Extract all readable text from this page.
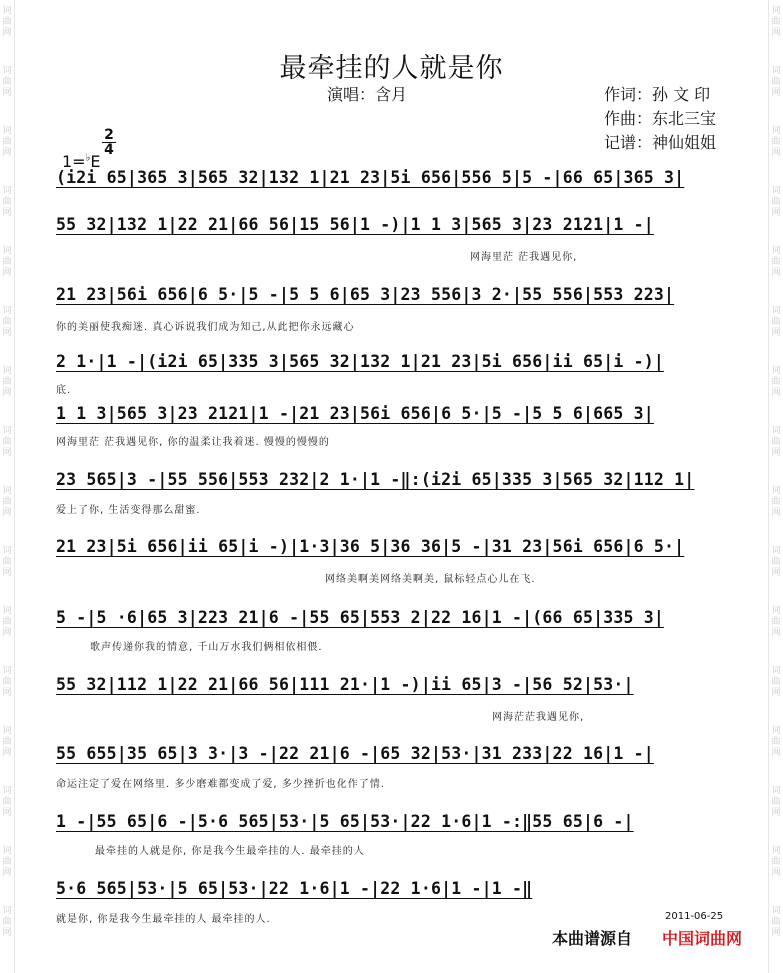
词曲网
词曲网
词曲网
词曲网
词曲网
词曲网
词曲网
词曲网
词曲网
词曲网
词曲网
词曲网
词曲网
词曲网
词曲网
词曲网
词曲网
词曲网
词曲网
词曲网
词曲网
词曲网
词曲网
词曲网
词曲网
词曲网
词曲网
词曲网
词曲网
词曲网
词曲网
词曲网
最牵挂的人就是你
演唱：含月	作词：孙 文 印
作曲：东北三宝
记谱：神仙姐姐
1=♭E
$\frac{2}{4}$
(i2i 65|365 3|565 32|132 1|21 23|5i 656|556 5|5 -|66 65|365 3|
55 32|132 1|22 21|66 56|15 56|1 -)|1 1 3|565 3|23 2121|1 -|
网海里茫 茫我遇见你,
21 23|56i 656|6 5·|5 -|5 5 6|65 3|23 556|3 2·|55 556|553 223|
你的美丽使我痴迷. 真心诉说我们成为知己,从此把你永远藏心
2 1·|1 -|(i2i 65|335 3|565 32|132 1|21 23|5i 656|ii 65|i -)|
底.
1 1 3|565 3|23 2121|1 -|21 23|56i 656|6 5·|5 -|5 5 6|665 3|
网海里茫 茫我遇见你, 你的温柔让我着迷. 慢慢的慢慢的
23 565|3 -|55 556|553 232|2 1·|1 -‖:(i2i 65|335 3|565 32|112 1|
爱上了你, 生活变得那么甜蜜.
21 23|5i 656|ii 65|i -)|1·3|36 5|36 36|5 -|31 23|56i 656|6 5·|
网络美啊美网络美啊美, 鼠标轻点心儿在飞.
5 -|5 ·6|65 3|223 21|6 -|55 65|553 2|22 16|1 -|(66 65|335 3|
歌声传递你我的情意, 千山万水我们俩相依相偎.
55 32|112 1|22 21|66 56|111 21·|1 -)|ii 65|3 -|56 52|53·|
网海茫茫我遇见你,
55 655|35 65|3 3·|3 -|22 21|6 -|65 32|53·|31 233|22 16|1 -|
命运注定了爱在网络里. 多少磨难都变成了爱, 多少挫折也化作了情.
1 -|55 65|6 -|5·6 565|53·|5 65|53·|22 1·6|1 -:‖55 65|6 -|
最牵挂的人就是你, 你是我今生最牵挂的人. 最牵挂的人
5·6 565|53·|5 65|53·|22 1·6|1 -|22 1·6|1 -|1 -‖
就是你, 你是我今生最牵挂的人 最牵挂的人.	2011-06-25
本曲谱源自 中国词曲网
